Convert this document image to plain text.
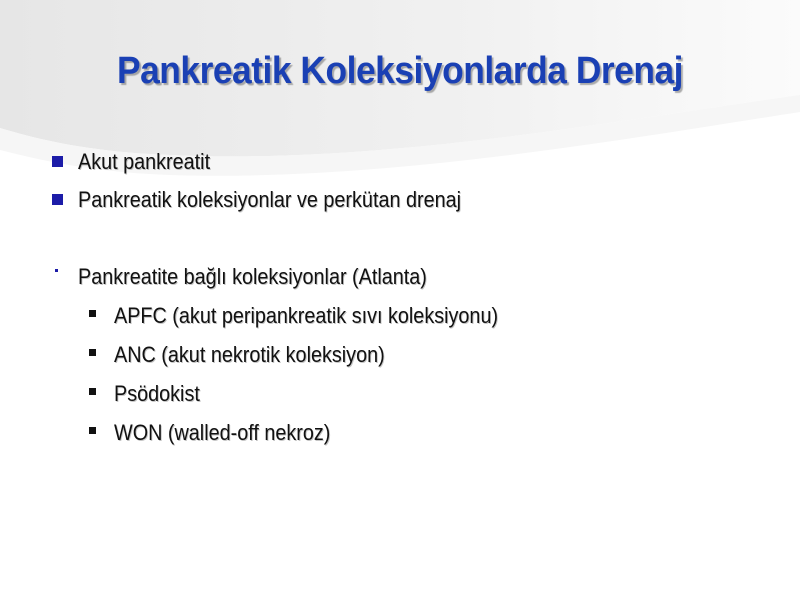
Pankreatik Koleksiyonlarda Drenaj
Akut pankreatit
Pankreatik koleksiyonlar ve perkütan drenaj
Pankreatite bağlı koleksiyonlar (Atlanta)
APFC (akut peripankreatik sıvı koleksiyonu)
ANC (akut nekrotik koleksiyon)
Psödokist
WON (walled-off nekroz)
